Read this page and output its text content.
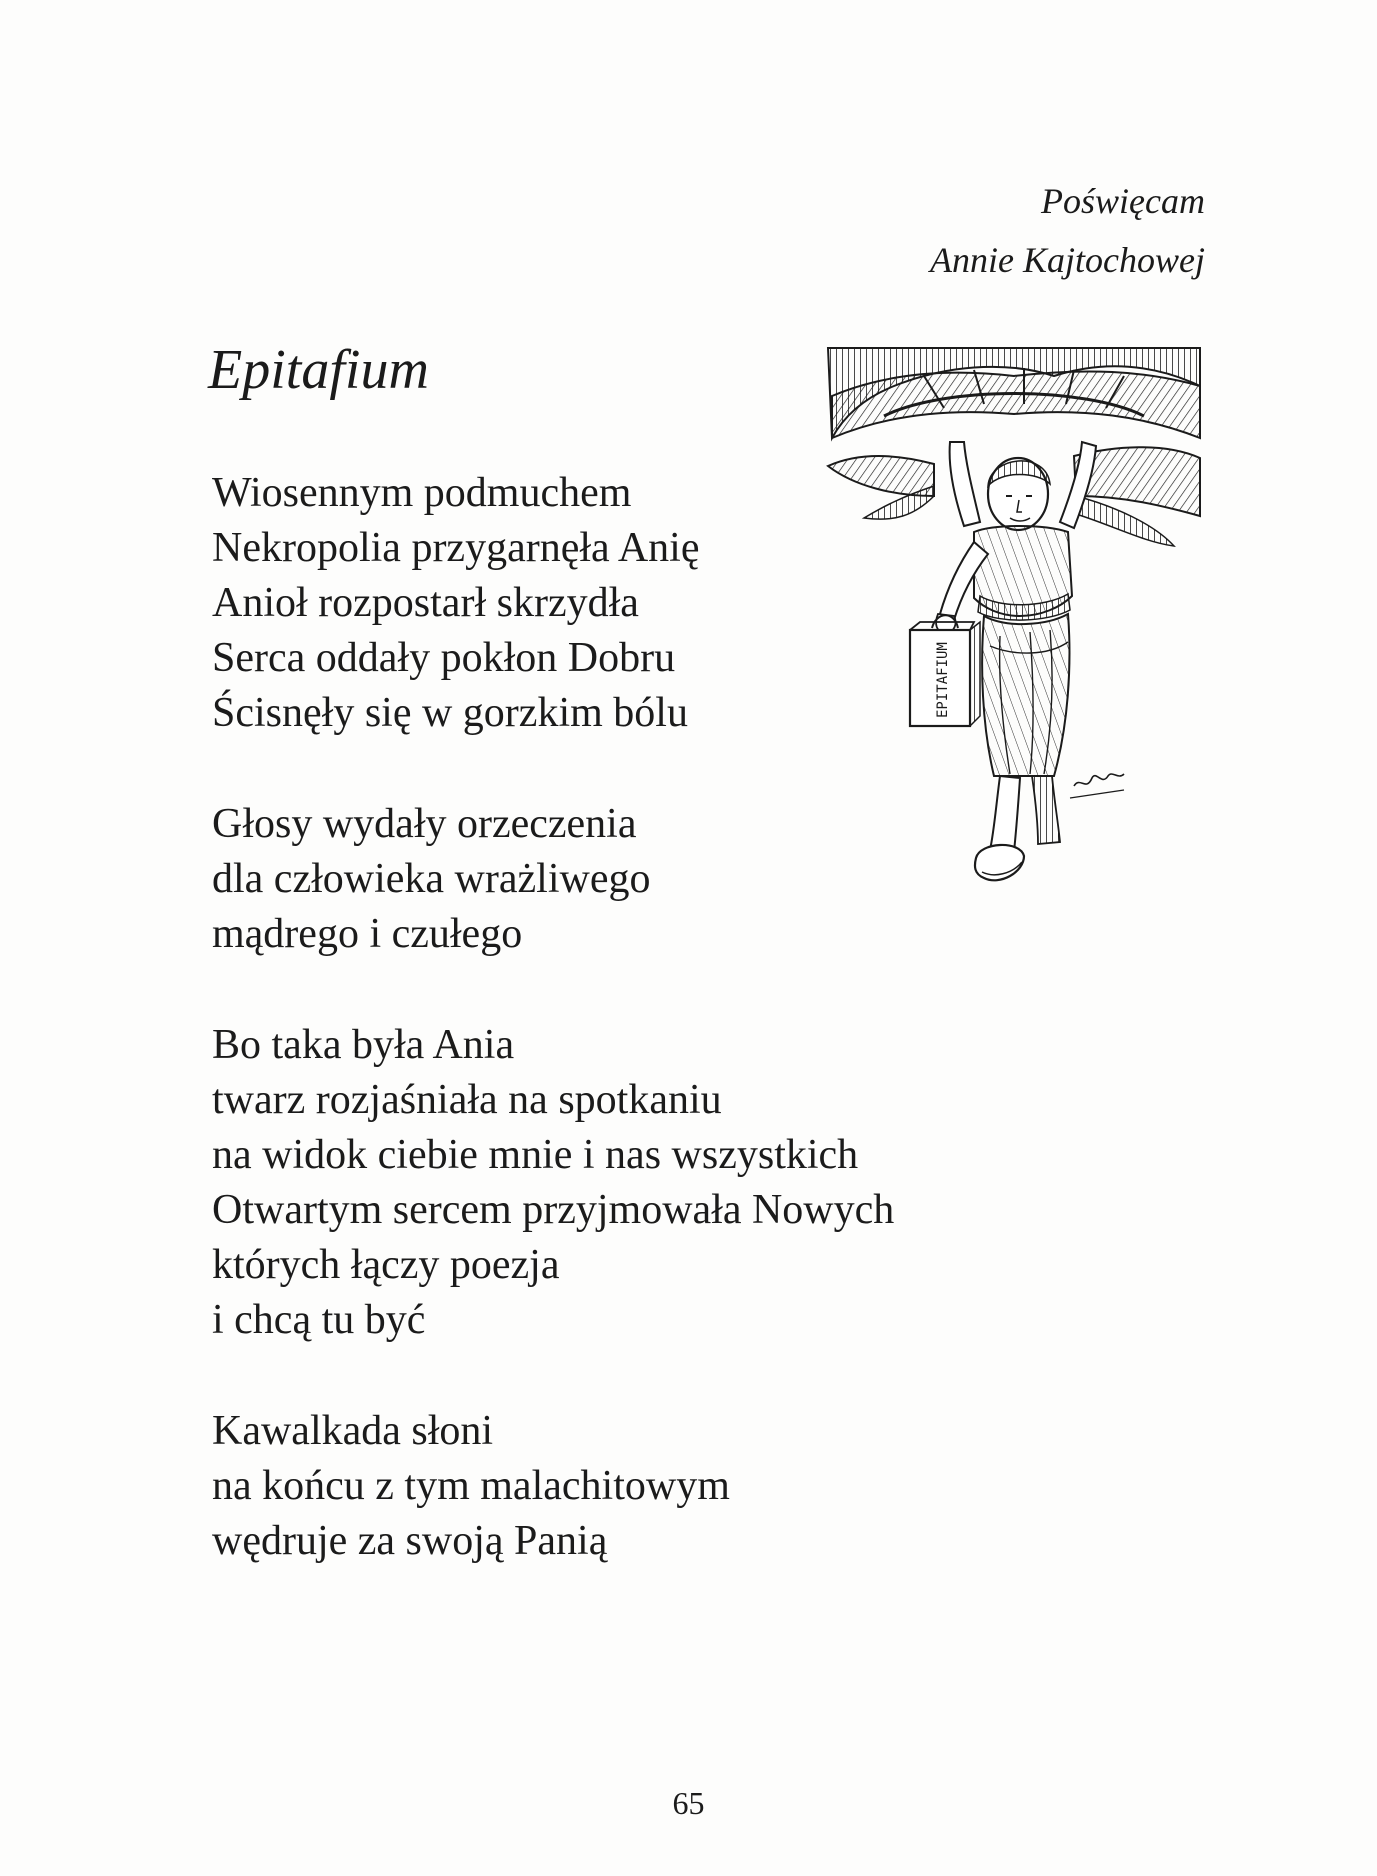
Poświęcam
Annie Kajtochowej
Epitafium
Wiosennym podmuchem
Nekropolia przygarnęła Anię
Anioł rozpostarł skrzydła
Serca oddały pokłon Dobru
Ścisnęły się w gorzkim bólu
Głosy wydały orzeczenia
dla człowieka wrażliwego
mądrego i czułego
Bo taka była Ania
twarz rozjaśniała na spotkaniu
na widok ciebie mnie i nas wszystkich
Otwartym sercem przyjmowała Nowych
których łączy poezja
i chcą tu być
Kawalkada słoni
na końcu z tym malachitowym
wędruje za swoją Panią
EPITAFIUM
65
